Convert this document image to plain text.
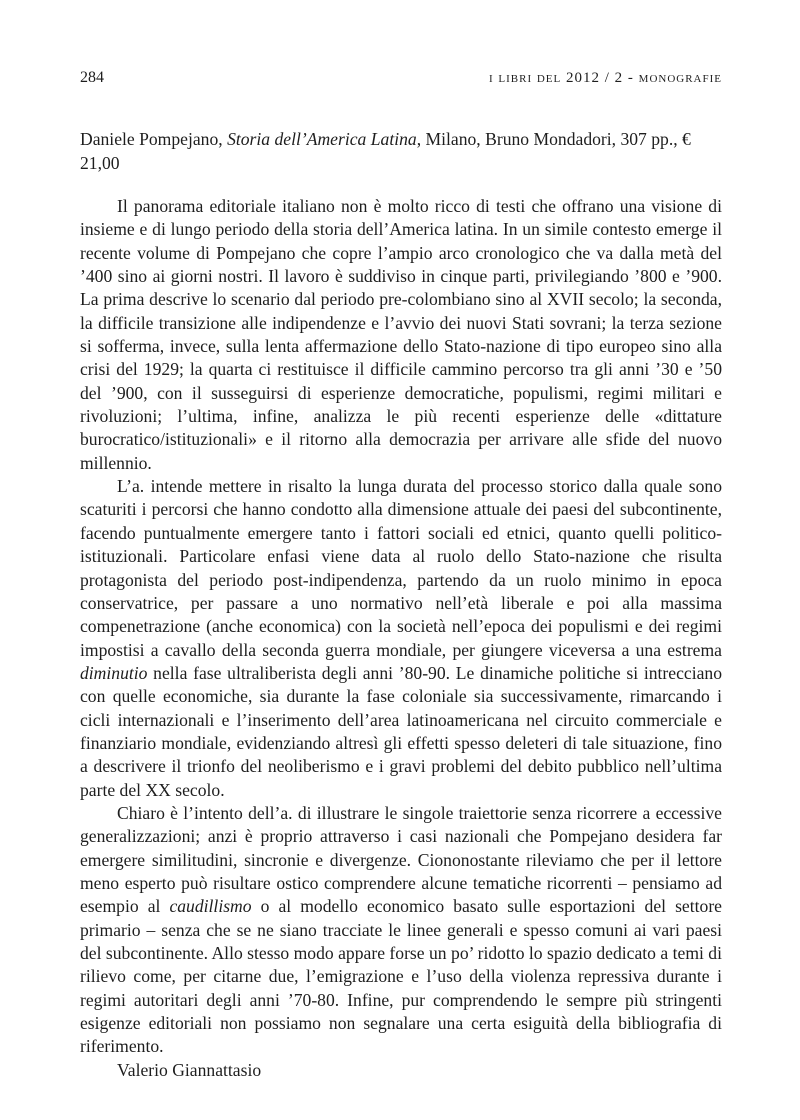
284	i libri del 2012 / 2 - monografie
Daniele Pompejano, Storia dell’America Latina, Milano, Bruno Mondadori, 307 pp., € 21,00

Il panorama editoriale italiano non è molto ricco di testi che offrano una visione di insieme e di lungo periodo della storia dell’America latina. In un simile contesto emerge il recente volume di Pompejano che copre l’ampio arco cronologico che va dalla metà del ’400 sino ai giorni nostri. Il lavoro è suddiviso in cinque parti, privilegiando ’800 e ’900. La prima descrive lo scenario dal periodo pre-colombiano sino al XVII secolo; la seconda, la difficile transizione alle indipendenze e l’avvio dei nuovi Stati sovrani; la terza sezione si sofferma, invece, sulla lenta affermazione dello Stato-nazione di tipo europeo sino alla crisi del 1929; la quarta ci restituisce il difficile cammino percorso tra gli anni ’30 e ’50 del ’900, con il susseguirsi di esperienze democratiche, populismi, regimi militari e rivoluzioni; l’ultima, infine, analizza le più recenti esperienze delle «dittature burocratico/istituzionali» e il ritorno alla democrazia per arrivare alle sfide del nuovo millennio.

L’a. intende mettere in risalto la lunga durata del processo storico dalla quale sono scaturiti i percorsi che hanno condotto alla dimensione attuale dei paesi del subcontinente, facendo puntualmente emergere tanto i fattori sociali ed etnici, quanto quelli politico-istituzionali. Particolare enfasi viene data al ruolo dello Stato-nazione che risulta protagonista del periodo post-indipendenza, partendo da un ruolo minimo in epoca conservatrice, per passare a uno normativo nell’età liberale e poi alla massima compenetrazione (anche economica) con la società nell’epoca dei populismi e dei regimi impostisi a cavallo della seconda guerra mondiale, per giungere viceversa a una estrema diminutio nella fase ultraliberista degli anni ’80-90. Le dinamiche politiche si intrecciano con quelle economiche, sia durante la fase coloniale sia successivamente, rimarcando i cicli internazionali e l’inserimento dell’area latinoamericana nel circuito commerciale e finanziario mondiale, evidenziando altresì gli effetti spesso deleteri di tale situazione, fino a descrivere il trionfo del neoliberismo e i gravi problemi del debito pubblico nell’ultima parte del XX secolo.

Chiaro è l’intento dell’a. di illustrare le singole traiettorie senza ricorrere a eccessive generalizzazioni; anzi è proprio attraverso i casi nazionali che Pompejano desidera far emergere similitudini, sincronie e divergenze. Ciononostante rileviamo che per il lettore meno esperto può risultare ostico comprendere alcune tematiche ricorrenti – pensiamo ad esempio al caudillismo o al modello economico basato sulle esportazioni del settore primario – senza che se ne siano tracciate le linee generali e spesso comuni ai vari paesi del subcontinente. Allo stesso modo appare forse un po’ ridotto lo spazio dedicato a temi di rilievo come, per citarne due, l’emigrazione e l’uso della violenza repressiva durante i regimi autoritari degli anni ’70-80. Infine, pur comprendendo le sempre più stringenti esigenze editoriali non possiamo non segnalare una certa esiguità della bibliografia di riferimento.

Valerio Giannattasio
